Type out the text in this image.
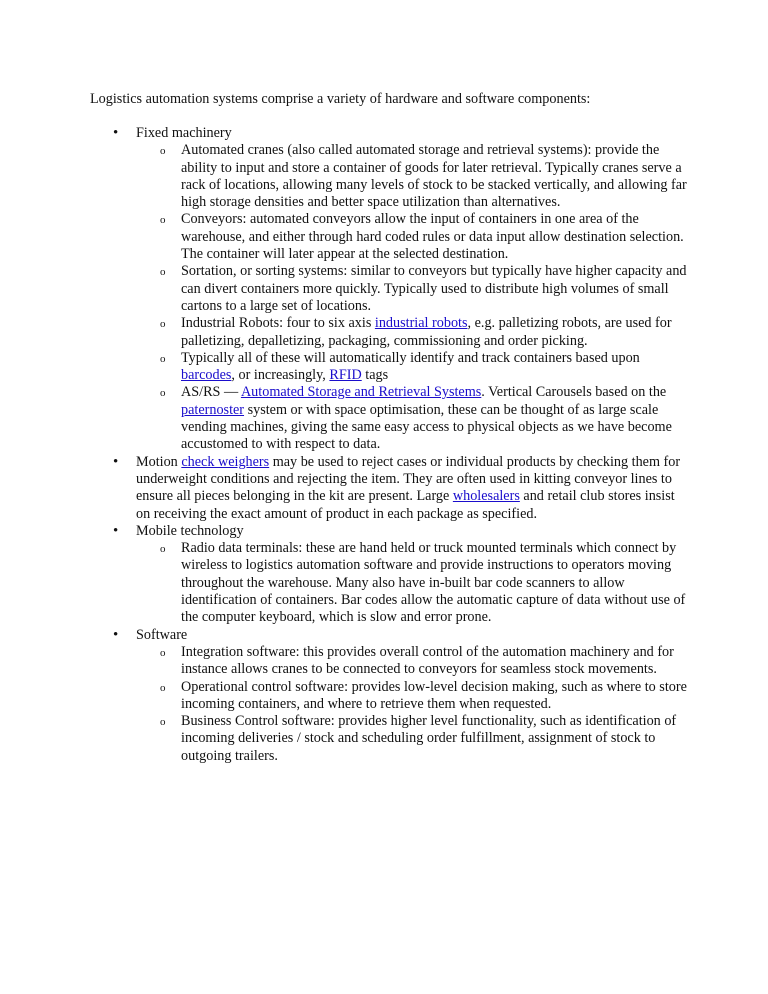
Logistics automation systems comprise a variety of hardware and software components:

• Fixed machinery
o Automated cranes (also called automated storage and retrieval systems): provide the ability to input and store a container of goods for later retrieval. Typically cranes serve a rack of locations, allowing many levels of stock to be stacked vertically, and allowing far high storage densities and better space utilization than alternatives.
o Conveyors: automated conveyors allow the input of containers in one area of the warehouse, and either through hard coded rules or data input allow destination selection. The container will later appear at the selected destination.
o Sortation, or sorting systems: similar to conveyors but typically have higher capacity and can divert containers more quickly. Typically used to distribute high volumes of small cartons to a large set of locations.
o Industrial Robots: four to six axis industrial robots, e.g. palletizing robots, are used for palletizing, depalletizing, packaging, commissioning and order picking.
o Typically all of these will automatically identify and track containers based upon barcodes, or increasingly, RFID tags
o AS/RS — Automated Storage and Retrieval Systems. Vertical Carousels based on the paternoster system or with space optimisation, these can be thought of as large scale vending machines, giving the same easy access to physical objects as we have become accustomed to with respect to data.
• Motion check weighers may be used to reject cases or individual products by checking them for underweight conditions and rejecting the item. They are often used in kitting conveyor lines to ensure all pieces belonging in the kit are present. Large wholesalers and retail club stores insist on receiving the exact amount of product in each package as specified.
• Mobile technology
o Radio data terminals: these are hand held or truck mounted terminals which connect by wireless to logistics automation software and provide instructions to operators moving throughout the warehouse. Many also have in-built bar code scanners to allow identification of containers. Bar codes allow the automatic capture of data without use of the computer keyboard, which is slow and error prone.
• Software
o Integration software: this provides overall control of the automation machinery and for instance allows cranes to be connected to conveyors for seamless stock movements.
o Operational control software: provides low-level decision making, such as where to store incoming containers, and where to retrieve them when requested.
o Business Control software: provides higher level functionality, such as identification of incoming deliveries / stock and scheduling order fulfillment, assignment of stock to outgoing trailers.
